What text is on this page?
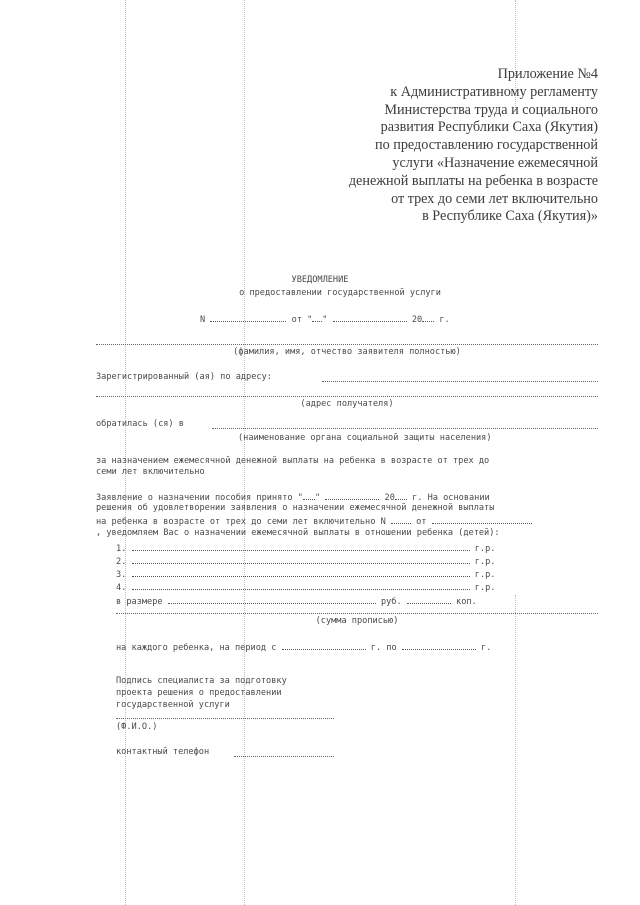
Приложение №4
к Административному регламенту
Министерства труда и социального
развития Республики Саха (Якутия)
по предоставлению государственной
услуги «Назначение ежемесячной
денежной выплаты на ребенка в возрасте
от трех до семи лет включительно
в Республике Саха (Якутия)»
УВЕДОМЛЕНИЕ
о предоставлении государственной услуги
N	от " "	20 г.
(фамилия, имя, отчество заявителя полностью)
Зарегистрированный (ая) по адресу:
(адрес получателя)
обратилась (ся) в
(наименование органа социальной защиты населения)
за назначением ежемесячной денежной выплаты на ребенка в возрасте от трех до
семи лет включительно
Заявление о назначении пособия принято " "	20 г. На основании
решения об удовлетворении заявления о назначении ежемесячной денежной выплаты
на ребенка в возрасте от трех до семи лет включительно N	от
, уведомляем Вас о назначении ежемесячной выплаты в отношении ребенка (детей):
1.	г.р.
2.	г.р.
3.	г.р.
4.	г.р.
в размере	руб.	коп.
(сумма прописью)
на каждого ребенка, на период с	г. по	г.
Подпись специалиста за подготовку
проекта решения о предоставлении
государственной услуги
(Ф.И.О.)
контактный телефон
